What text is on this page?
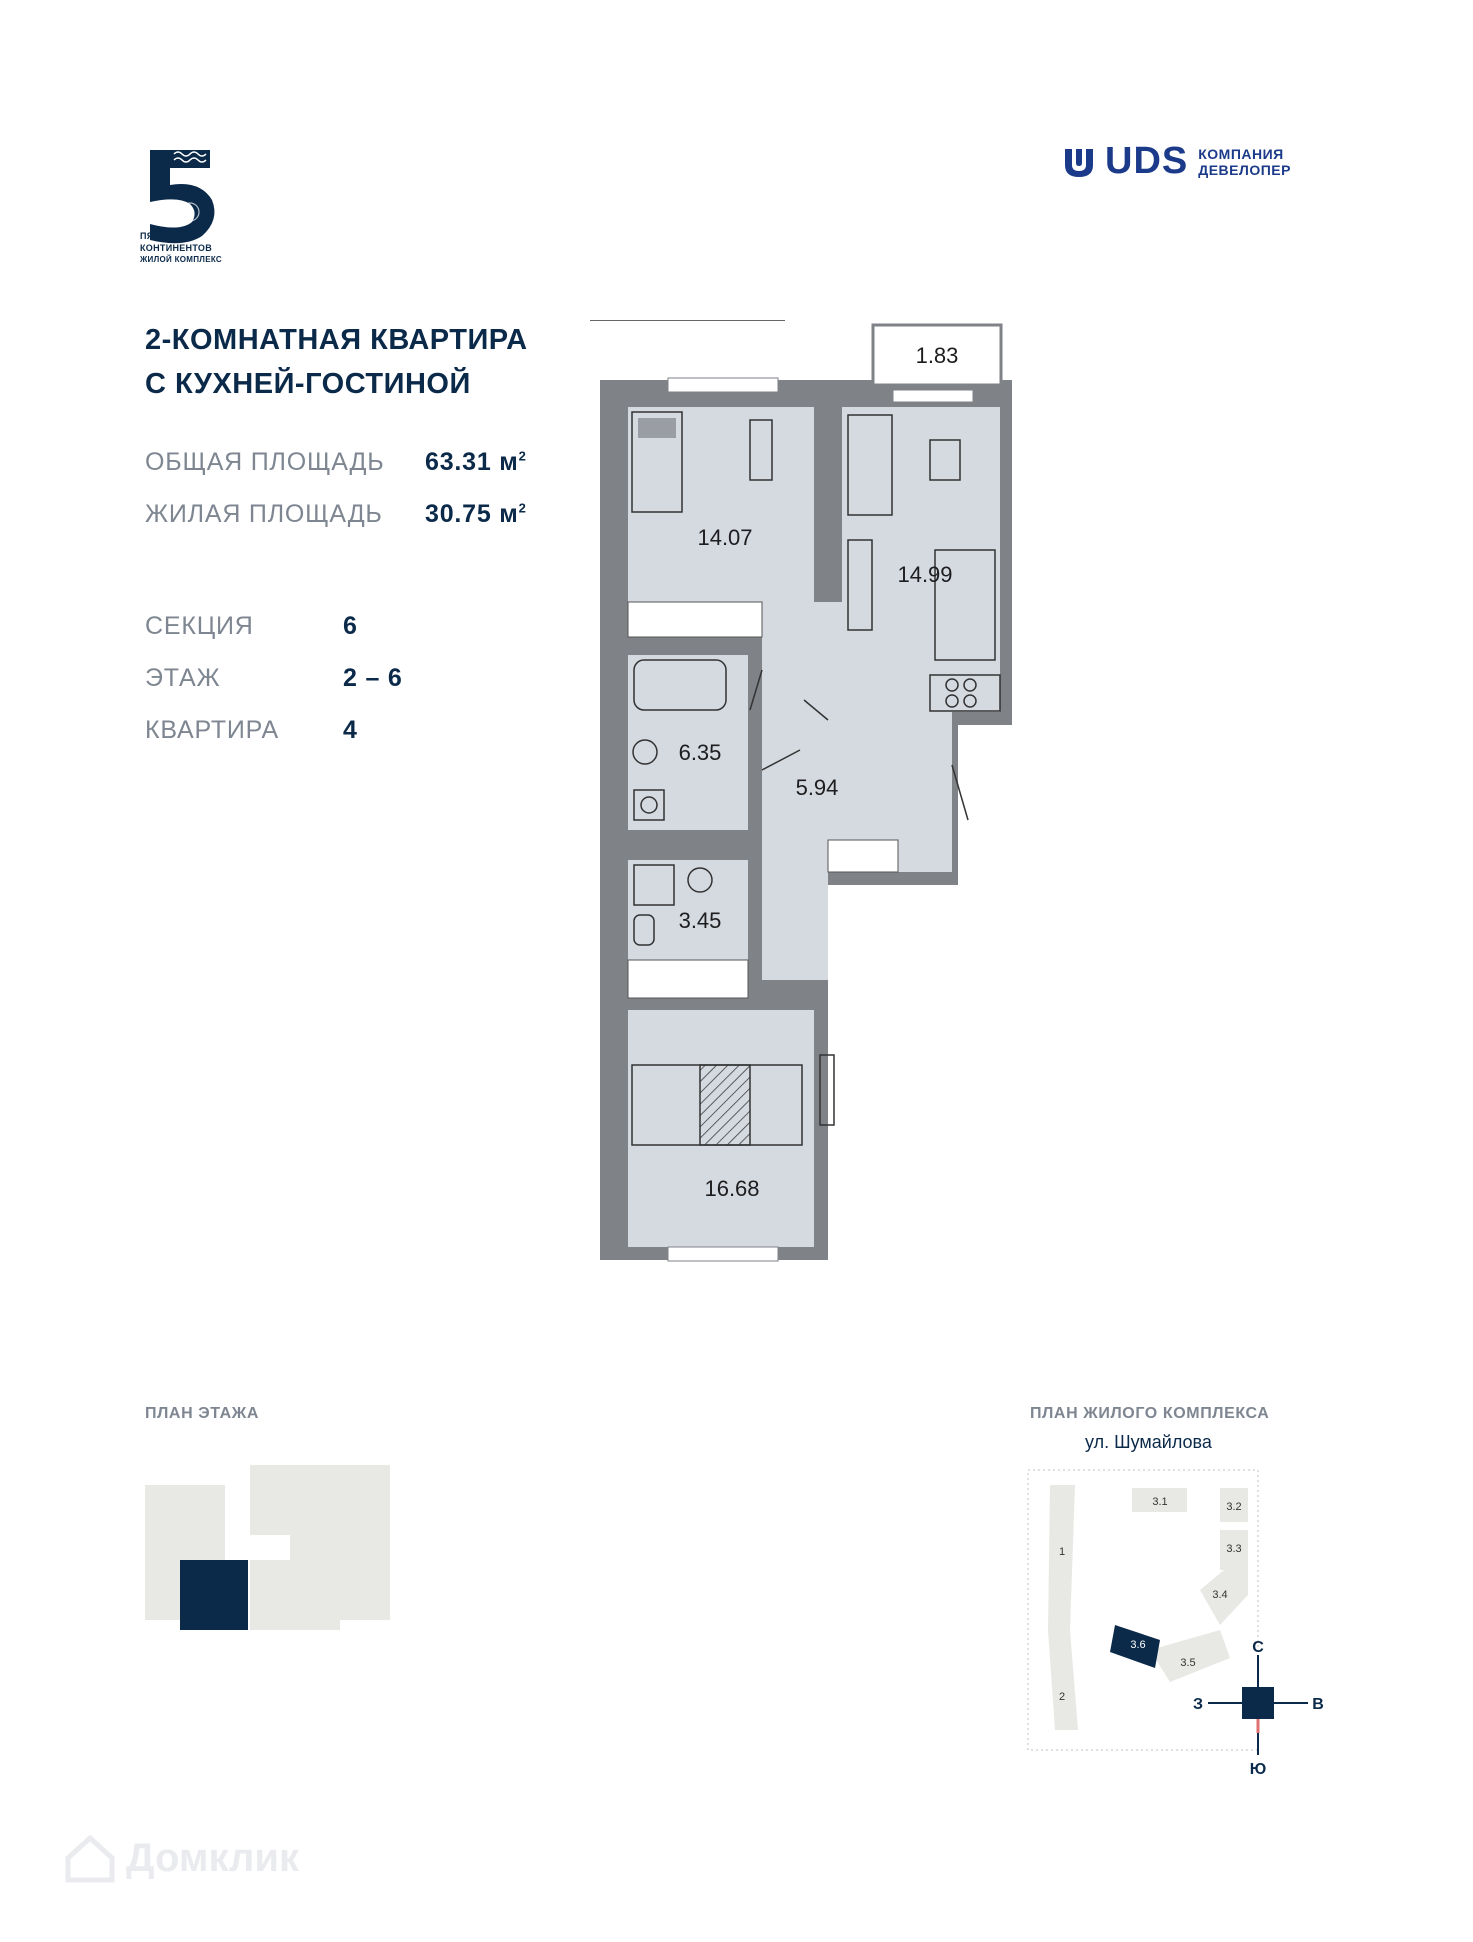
ПЯТЬ
КОНТИНЕНТОВ
ЖИЛОЙ КОМПЛЕКС
UDS КОМПАНИЯ
ДЕВЕЛОПЕР
2-КОМНАТНАЯ КВАРТИРА
С КУХНЕЙ-ГОСТИНОЙ
ОБЩАЯ ПЛОЩАДЬ 63.31 $м^2$
ЖИЛАЯ ПЛОЩАДЬ 30.75 $м^2$
СЕКЦИЯ	6
ЭТАЖ	2 – 6
КВАРТИРА	4
1.83
14.07
14.99
6.35
5.94
3.45
16.68
ПЛАН ЭТАЖА	ПЛАН ЖИЛОГО КОМПЛЕКСА
ул. Шумайлова
1
2
3.1	3.2
3.3
3.4
3.5
3.6	С
Ю
В
З
Домклик
